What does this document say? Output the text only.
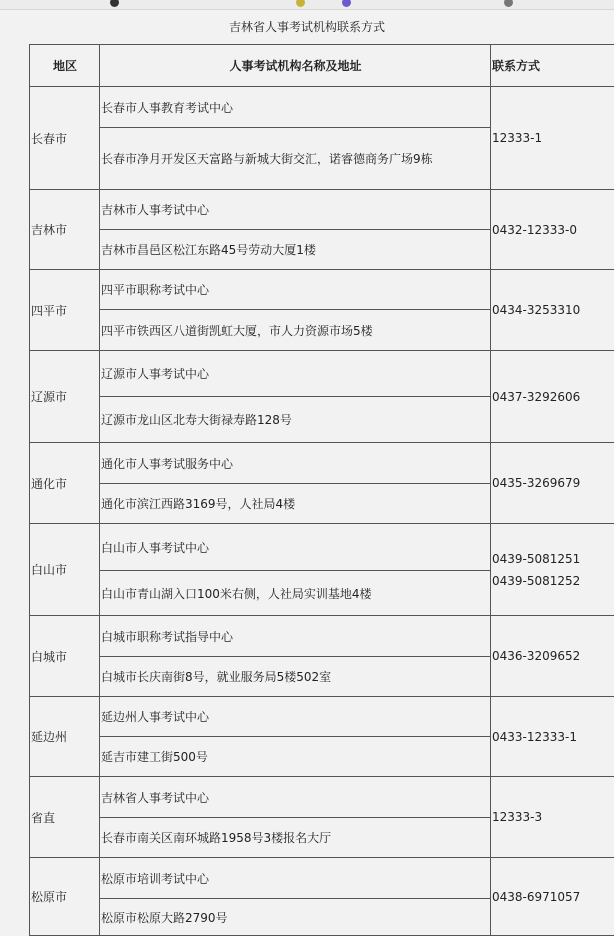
吉林省人事考试机构联系方式
地区	人事考试机构名称及地址	联系方式
长春市	长春市人事教育考试中心	12333-1

	长春市净月开发区天富路与新城大街交汇，诺睿德商务广场9栋	
吉林市	吉林市人事考试中心	0432-12333-0

	吉林市昌邑区松江东路45号劳动大厦1楼	
四平市	四平市职称考试中心	0434-3253310

	四平市铁西区八道街凯虹大厦，市人力资源市场5楼	
辽源市	辽源市人事考试中心	0437-3292606

	辽源市龙山区北寿大街禄寿路128号	
通化市	通化市人事考试服务中心	0435-3269679

	通化市滨江西路3169号，人社局4楼	
白山市	白山市人事考试中心	0439-5081251
0439-5081252

	白山市青山湖入口100米右侧，人社局实训基地4楼	
白城市	白城市职称考试指导中心	0436-3209652

	白城市长庆南街8号，就业服务局5楼502室	
延边州	延边州人事考试中心	0433-12333-1

	延吉市建工街500号	
省直	吉林省人事考试中心	12333-3

	长春市南关区南环城路1958号3楼报名大厅	
松原市	松原市培训考试中心	0438-6971057

	松原市松原大路2790号	
